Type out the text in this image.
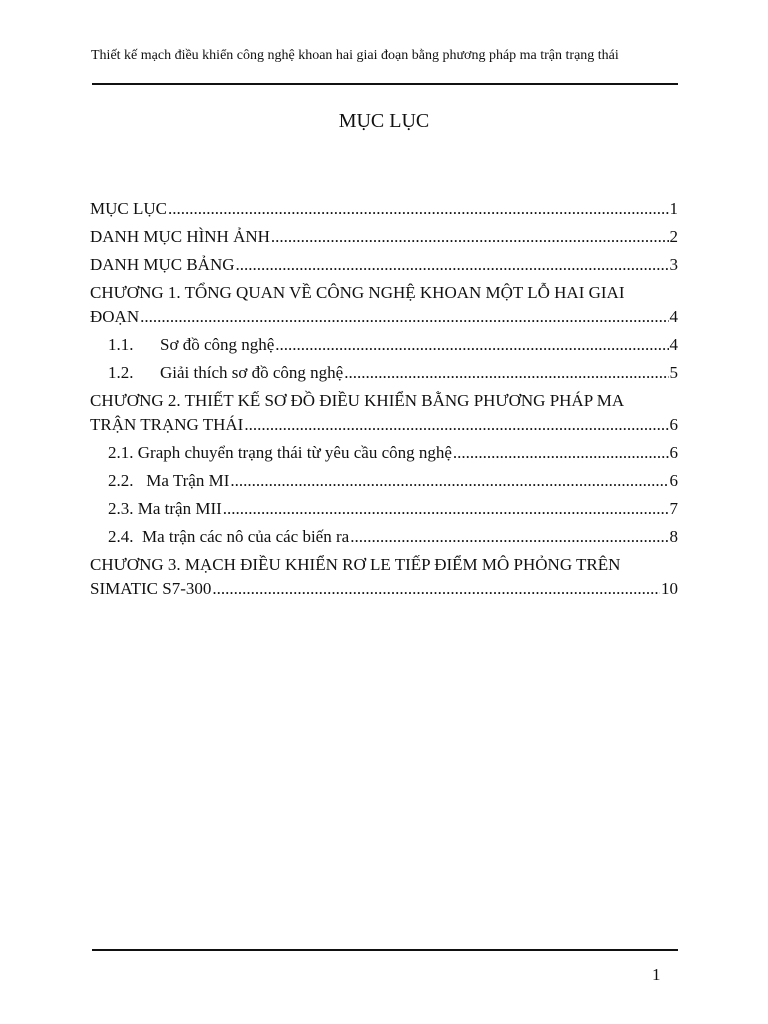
Thiết kế mạch điều khiển công nghệ khoan hai giai đoạn bằng phương pháp ma trận trạng thái
MỤC LỤC
MỤC LỤC .....	1
DANH MỤC HÌNH ẢNH .....	2
DANH MỤC BẢNG .....	3
CHƯƠNG 1. TỔNG QUAN VỀ CÔNG NGHỆ KHOAN MỘT LỖ HAI GIAI
ĐOẠN .....	4
1.1. Sơ đồ công nghệ .....	4
1.2. Giải thích sơ đồ công nghệ .....	5
CHƯƠNG 2. THIẾT KẾ SƠ ĐỒ ĐIỀU KHIỂN BẰNG PHƯƠNG PHÁP MA
TRẬN TRẠNG THÁI .....	6
2.1. Graph chuyển trạng thái từ yêu cầu công nghệ .....	6
2.2.   Ma Trận MI .....	6
2.3. Ma trận MII .....	7
2.4.  Ma trận các nô của các biến ra .....	8
CHƯƠNG 3. MẠCH ĐIỀU KHIỂN RƠ LE TIẾP ĐIỂM MÔ PHỎNG TRÊN
SIMATIC S7-300 .....	10
1
